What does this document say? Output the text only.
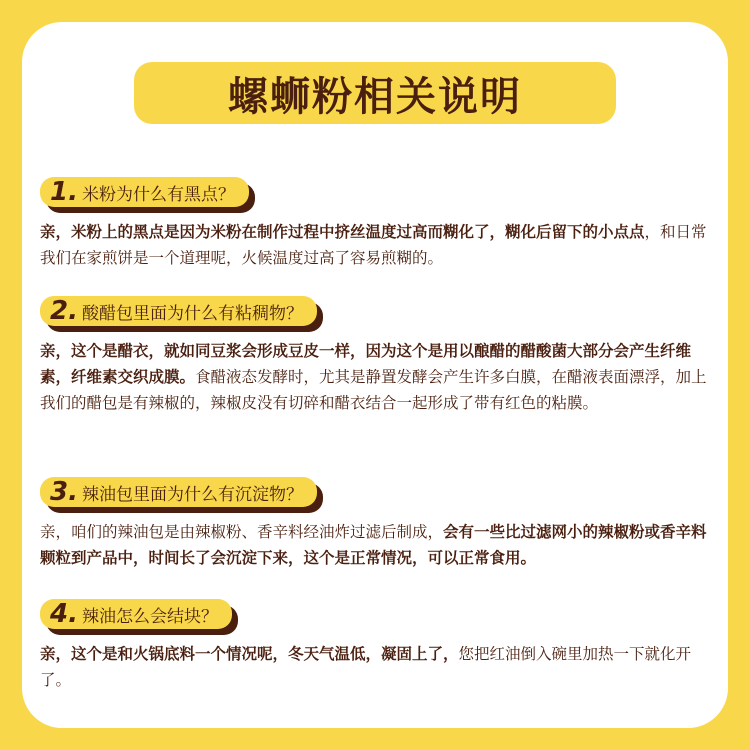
螺蛳粉相关说明
1. 米粉为什么有黑点？
亲，米粉上的黑点是因为米粉在制作过程中挤丝温度过高而糊化了，糊化后留下的小点点，和日常我们在家煎饼是一个道理呢，火候温度过高了容易煎糊的。
2. 酸醋包里面为什么有粘稠物？
亲，这个是醋衣，就如同豆浆会形成豆皮一样，因为这个是用以酿醋的醋酸菌大部分会产生纤维素，纤维素交织成膜。食醋液态发酵时，尤其是静置发酵会产生许多白膜，在醋液表面漂浮，加上我们的醋包是有辣椒的，辣椒皮没有切碎和醋衣结合一起形成了带有红色的粘膜。
3. 辣油包里面为什么有沉淀物？
亲，咱们的辣油包是由辣椒粉、香辛料经油炸过滤后制成，会有一些比过滤网小的辣椒粉或香辛料颗粒到产品中，时间长了会沉淀下来，这个是正常情况，可以正常食用。
4. 辣油怎么会结块？
亲，这个是和火锅底料一个情况呢，冬天气温低，凝固上了，您把红油倒入碗里加热一下就化开了。
